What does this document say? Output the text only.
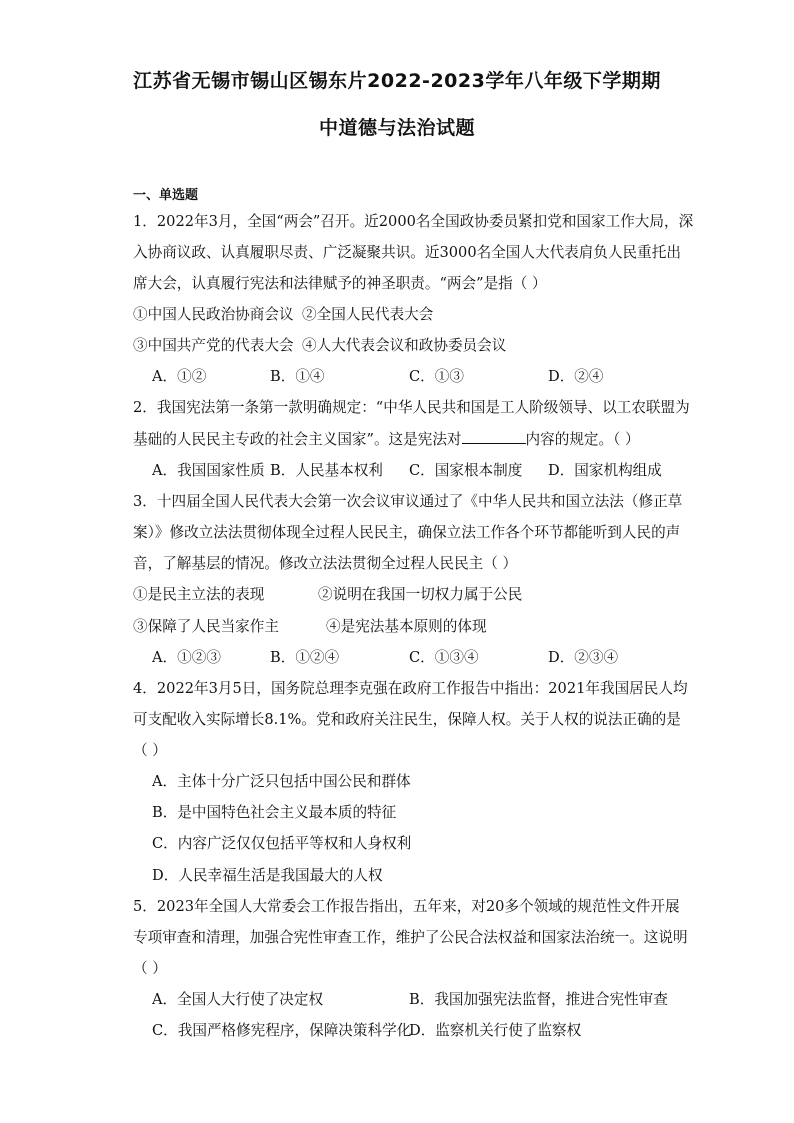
江苏省无锡市锡山区锡东片2022-2023学年八年级下学期期
中道德与法治试题
一、单选题
1．2022年3月，全国“两会”召开。近2000名全国政协委员紧扣党和国家工作大局，深
入协商议政、认真履职尽责、广泛凝聚共识。近3000名全国人大代表肩负人民重托出
席大会，认真履行宪法和法律赋予的神圣职责。“两会”是指（ ）
①中国人民政治协商会议 ②全国人民代表大会
③中国共产党的代表大会 ④人大代表会议和政协委员会议
A．①②	B．①④	C．①③	D．②④
2．我国宪法第一条第一款明确规定：“中华人民共和国是工人阶级领导、以工农联盟为
基础的人民民主专政的社会主义国家”。这是宪法对	内容的规定。（ ）
A．我国国家性质 B．人民基本权利 C．国家根本制度 D．国家机构组成
3．十四届全国人民代表大会第一次会议审议通过了《中华人民共和国立法法（修正草
案）》修改立法法贯彻体现全过程人民民主，确保立法工作各个环节都能听到人民的声
音，了解基层的情况。修改立法法贯彻全过程人民民主（ ）
①是民主立法的表现	②说明在我国一切权力属于公民
③保障了人民当家作主	④是宪法基本原则的体现
A．①②③	B．①②④	C．①③④	D．②③④
4．2022年3月5日，国务院总理李克强在政府工作报告中指出：2021年我国居民人均
可支配收入实际增长8.1%。党和政府关注民生，保障人权。关于人权的说法正确的是
（ ）
A．主体十分广泛只包括中国公民和群体
B．是中国特色社会主义最本质的特征
C．内容广泛仅仅包括平等权和人身权利
D．人民幸福生活是我国最大的人权
5．2023年全国人大常委会工作报告指出，五年来，对20多个领域的规范性文件开展
专项审查和清理，加强合宪性审查工作，维护了公民合法权益和国家法治统一。这说明
（ ）
A．全国人大行使了决定权	B．我国加强宪法监督，推进合宪性审查
C．我国严格修宪程序，保障决策科学化
D．监察机关行使了监察权
